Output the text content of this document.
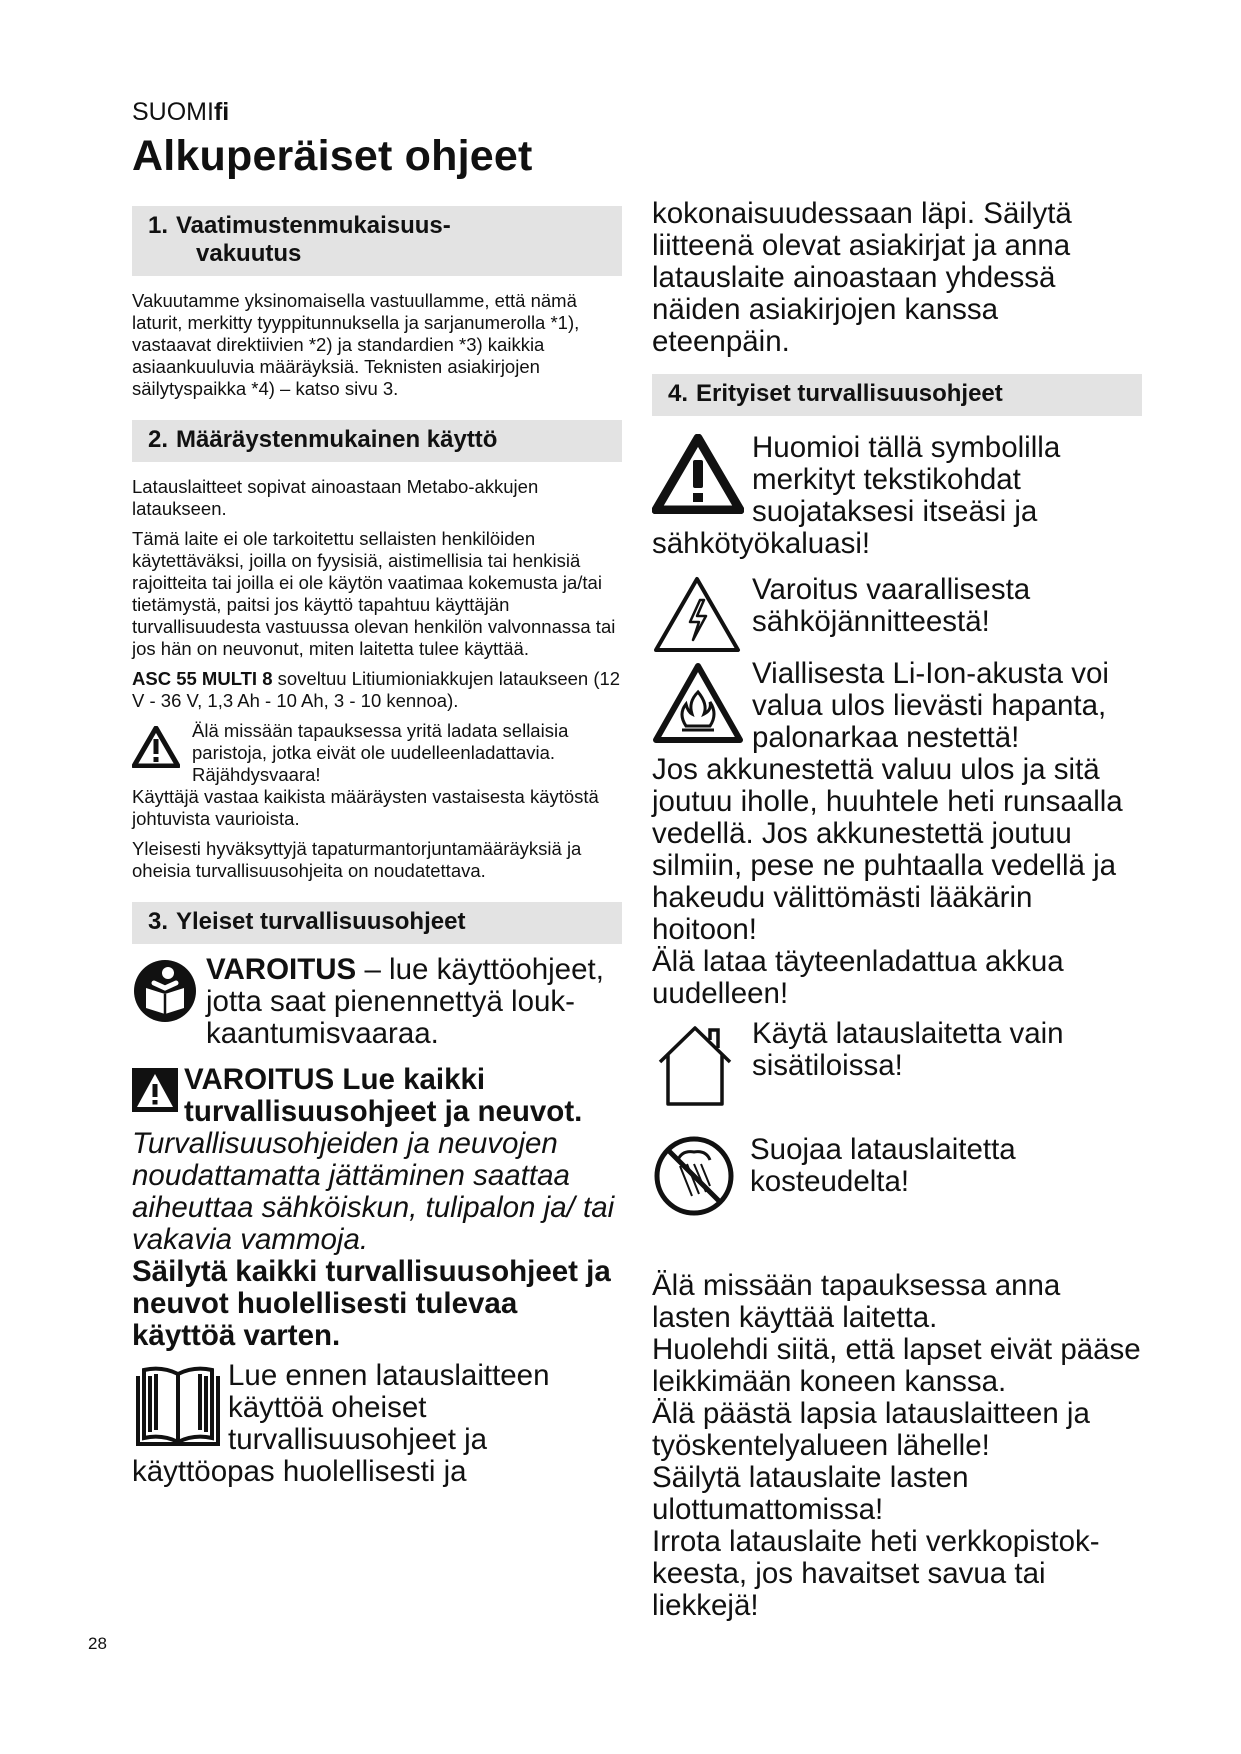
SUOMIfi
Alkuperäiset ohjeet
1. Vaatimustenmukaisuus-
vakuutus

Vakuutamme yksinomaisella vastuullamme, että nämä laturit, merkitty tyyppitunnuksella ja sarjanumerolla *1), vastaavat direktiivien *2) ja standardien *3) kaikkia asiaankuuluvia määräyksiä. Teknisten asiakirjojen säilytyspaikka *4) – katso sivu 3.

2. Määräystenmukainen käyttö

Latauslaitteet sopivat ainoastaan Metabo-akkujen lataukseen.

Tämä laite ei ole tarkoitettu sellaisten henkilöiden käytettäväksi, joilla on fyysisiä, aistimellisia tai henkisiä rajoitteita tai joilla ei ole käytön vaatimaa kokemusta ja/tai tietämystä, paitsi jos käyttö tapahtuu käyttäjän turvallisuudesta vastuussa olevan henkilön valvonnassa tai jos hän on neuvonut, miten laitetta tulee käyttää.

ASC 55 MULTI 8 soveltuu Litiumioniakkujen lataukseen (12 V - 36 V, 1,3 Ah - 10 Ah, 3 - 10 kennoa).

Älä missään tapauksessa yritä ladata sellaisia paristoja, jotka eivät ole uudelleenladattavia. Räjähdysvaara!

Käyttäjä vastaa kaikista määräysten vastaisesta käytöstä johtuvista vaurioista.

Yleisesti hyväksyttyjä tapaturmantorjuntamääräyksiä ja oheisia turvallisuusohjeita on noudatettava.

3. Yleiset turvallisuusohjeet

VAROITUS – lue käyttöohjeet, jotta saat pienennettyä loukkaantumisvaaraa.

VAROITUS Lue kaikki turvallisuusohjeet ja neuvot.

Turvallisuusohjeiden ja neuvojen noudattamatta jättäminen saattaa aiheuttaa sähköiskun, tulipalon ja/ tai vakavia vammoja.

Säilytä kaikki turvallisuusohjeet ja neuvot huolellisesti tulevaa käyttöä varten.

Lue ennen latauslaitteen käyttöä oheiset turvallisuusohjeet ja käyttöopas huolellisesti ja

kokonaisuudessaan läpi. Säilytä liitteenä olevat asiakirjat ja anna latauslaite ainoastaan yhdessä näiden asiakirjojen kanssa eteenpäin.

4. Erityiset turvallisuusohjeet

Huomioi tällä symbolilla merkityt tekstikohdat suojataksesi itseäsi ja sähkötyökaluasi!

Varoitus vaarallisesta sähköjännitteestä!

Viallisesta Li-Ion-akusta voi valua ulos lievästi hapanta, palonarkaa nestettä!

Jos akkunestettä valuu ulos ja sitä joutuu iholle, huuhtele heti runsaalla vedellä. Jos akkunestettä joutuu silmiin, pese ne puhtaalla vedellä ja hakeudu välittömästi lääkärin hoitoon!

Älä lataa täyteenladattua akkua uudelleen!

Käytä latauslaitetta vain sisätiloissa!

Suojaa latauslaitetta kosteudelta!

Älä missään tapauksessa anna lasten käyttää laitetta.

Huolehdi siitä, että lapset eivät pääse leikkimään koneen kanssa.

Älä päästä lapsia latauslaitteen ja työskentelyalueen lähelle!

Säilytä latauslaite lasten ulottumattomissa!

Irrota latauslaite heti verkkopistokkeesta, jos havaitset savua tai liekkejä!

28
